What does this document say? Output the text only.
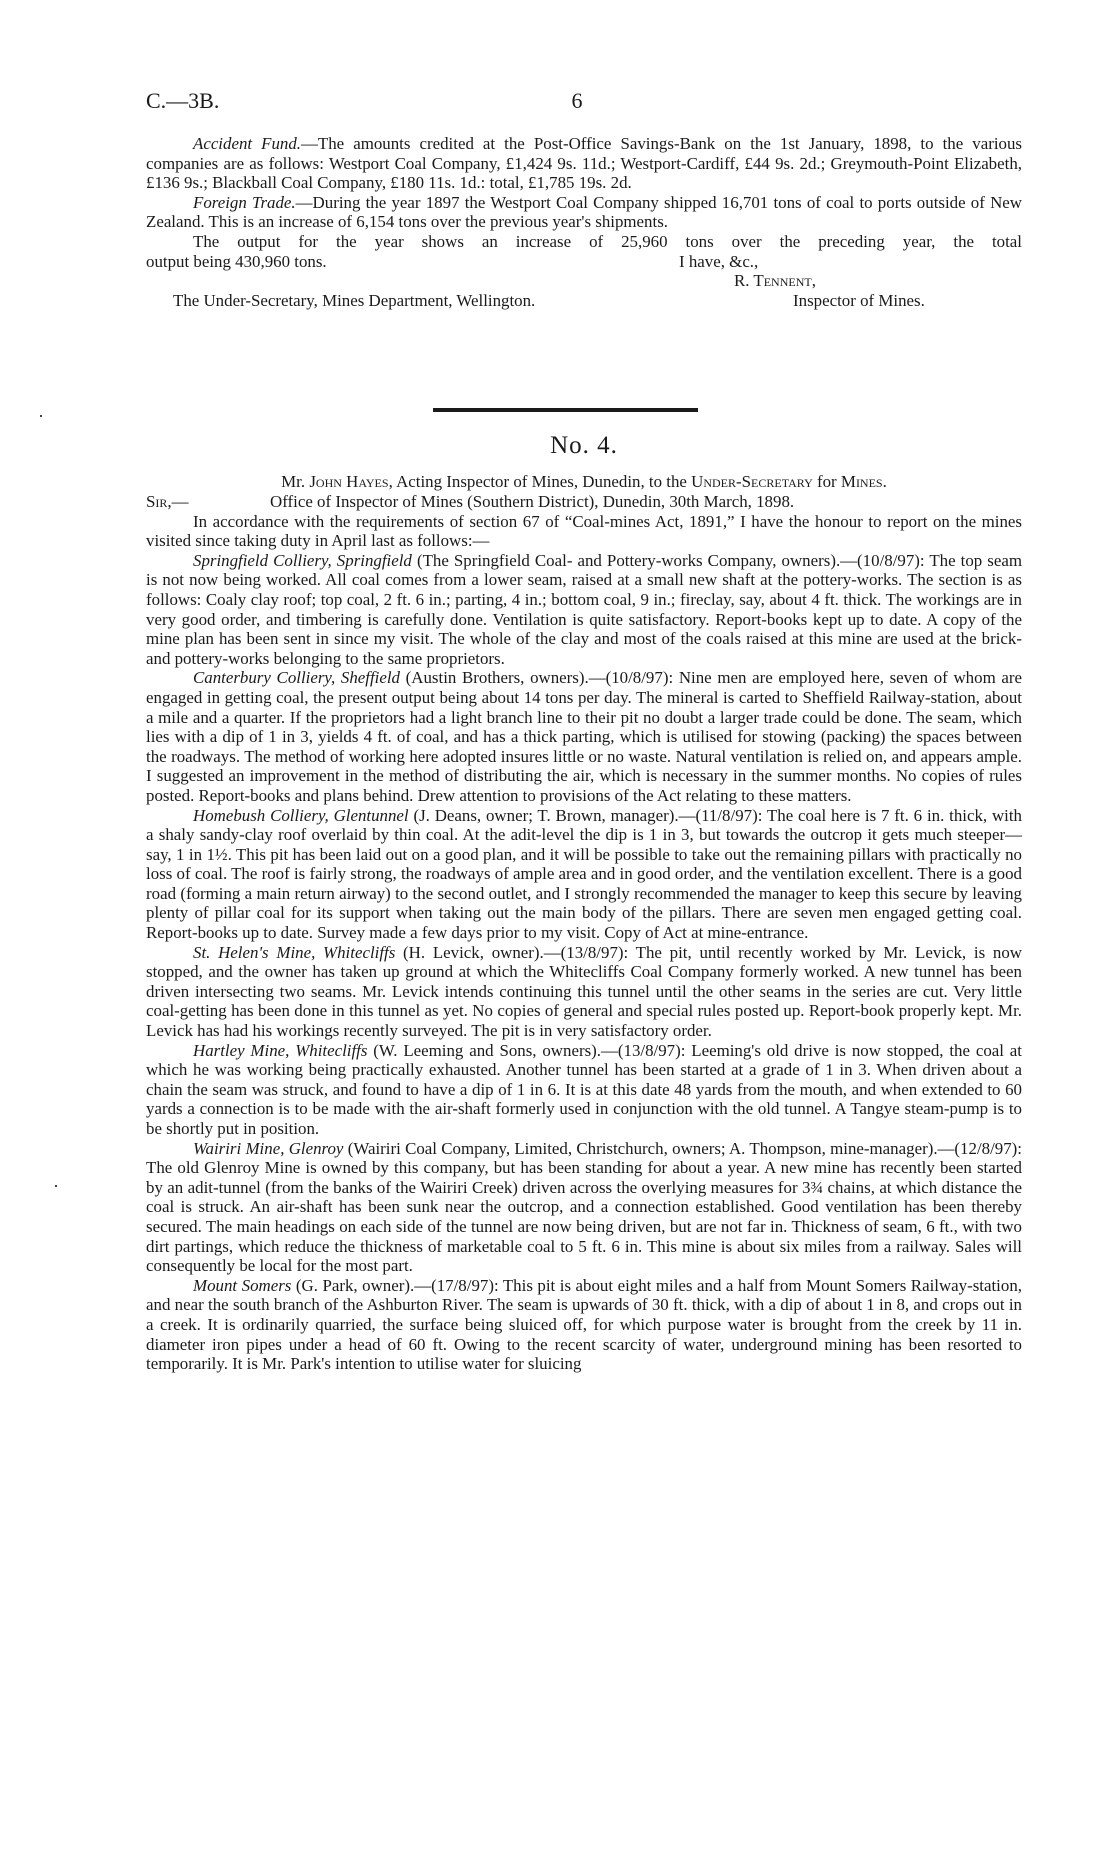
C.—3B.	6

Accident Fund.—The amounts credited at the Post-Office Savings-Bank on the 1st January, 1898, to the various companies are as follows: Westport Coal Company, £1,424 9s. 11d.; Westport-Cardiff, £44 9s. 2d.; Greymouth-Point Elizabeth, £136 9s.; Blackball Coal Company, £180 11s. 1d.: total, £1,785 19s. 2d.

Foreign Trade.—During the year 1897 the Westport Coal Company shipped 16,701 tons of coal to ports outside of New Zealand. This is an increase of 6,154 tons over the previous year's shipments.

The output for the year shows an increase of 25,960 tons over the preceding year, the total

output being 430,960 tons.	I have, &c.,
R. Tennent,
The Under-Secretary, Mines Department, Wellington.	Inspector of Mines.
No. 4.

Mr. John Hayes, Acting Inspector of Mines, Dunedin, to the Under-Secretary for Mines.

Sir,—	Office of Inspector of Mines (Southern District), Dunedin, 30th March, 1898.

In accordance with the requirements of section 67 of “Coal-mines Act, 1891,” I have the honour to report on the mines visited since taking duty in April last as follows:—

Springfield Colliery, Springfield (The Springfield Coal- and Pottery-works Company, owners).—(10/8/97): The top seam is not now being worked. All coal comes from a lower seam, raised at a small new shaft at the pottery-works. The section is as follows: Coaly clay roof; top coal, 2 ft. 6 in.; parting, 4 in.; bottom coal, 9 in.; fireclay, say, about 4 ft. thick. The workings are in very good order, and timbering is carefully done. Ventilation is quite satisfactory. Report-books kept up to date. A copy of the mine plan has been sent in since my visit. The whole of the clay and most of the coals raised at this mine are used at the brick- and pottery-works belonging to the same proprietors.

Canterbury Colliery, Sheffield (Austin Brothers, owners).—(10/8/97): Nine men are employed here, seven of whom are engaged in getting coal, the present output being about 14 tons per day. The mineral is carted to Sheffield Railway-station, about a mile and a quarter. If the proprietors had a light branch line to their pit no doubt a larger trade could be done. The seam, which lies with a dip of 1 in 3, yields 4 ft. of coal, and has a thick parting, which is utilised for stowing (packing) the spaces between the roadways. The method of working here adopted insures little or no waste. Natural ventilation is relied on, and appears ample. I suggested an improvement in the method of distributing the air, which is necessary in the summer months. No copies of rules posted. Report-books and plans behind. Drew attention to provisions of the Act relating to these matters.

Homebush Colliery, Glentunnel (J. Deans, owner; T. Brown, manager).—(11/8/97): The coal here is 7 ft. 6 in. thick, with a shaly sandy-clay roof overlaid by thin coal. At the adit-level the dip is 1 in 3, but towards the outcrop it gets much steeper—say, 1 in 1½. This pit has been laid out on a good plan, and it will be possible to take out the remaining pillars with practically no loss of coal. The roof is fairly strong, the roadways of ample area and in good order, and the ventilation excellent. There is a good road (forming a main return airway) to the second outlet, and I strongly recommended the manager to keep this secure by leaving plenty of pillar coal for its support when taking out the main body of the pillars. There are seven men engaged getting coal. Report-books up to date. Survey made a few days prior to my visit. Copy of Act at mine-entrance.

St. Helen's Mine, Whitecliffs (H. Levick, owner).—(13/8/97): The pit, until recently worked by Mr. Levick, is now stopped, and the owner has taken up ground at which the Whitecliffs Coal Company formerly worked. A new tunnel has been driven intersecting two seams. Mr. Levick intends continuing this tunnel until the other seams in the series are cut. Very little coal-getting has been done in this tunnel as yet. No copies of general and special rules posted up. Report-book properly kept. Mr. Levick has had his workings recently surveyed. The pit is in very satisfactory order.

Hartley Mine, Whitecliffs (W. Leeming and Sons, owners).—(13/8/97): Leeming's old drive is now stopped, the coal at which he was working being practically exhausted. Another tunnel has been started at a grade of 1 in 3. When driven about a chain the seam was struck, and found to have a dip of 1 in 6. It is at this date 48 yards from the mouth, and when extended to 60 yards a connection is to be made with the air-shaft formerly used in conjunction with the old tunnel. A Tangye steam-pump is to be shortly put in position.

Wairiri Mine, Glenroy (Wairiri Coal Company, Limited, Christchurch, owners; A. Thompson, mine-manager).—(12/8/97): The old Glenroy Mine is owned by this company, but has been standing for about a year. A new mine has recently been started by an adit-tunnel (from the banks of the Wairiri Creek) driven across the overlying measures for 3¾ chains, at which distance the coal is struck. An air-shaft has been sunk near the outcrop, and a connection established. Good ventilation has been thereby secured. The main headings on each side of the tunnel are now being driven, but are not far in. Thickness of seam, 6 ft., with two dirt partings, which reduce the thickness of marketable coal to 5 ft. 6 in. This mine is about six miles from a railway. Sales will consequently be local for the most part.

Mount Somers (G. Park, owner).—(17/8/97): This pit is about eight miles and a half from Mount Somers Railway-station, and near the south branch of the Ashburton River. The seam is upwards of 30 ft. thick, with a dip of about 1 in 8, and crops out in a creek. It is ordinarily quarried, the surface being sluiced off, for which purpose water is brought from the creek by 11 in. diameter iron pipes under a head of 60 ft. Owing to the recent scarcity of water, underground mining has been resorted to temporarily. It is Mr. Park's intention to utilise water for sluicing
